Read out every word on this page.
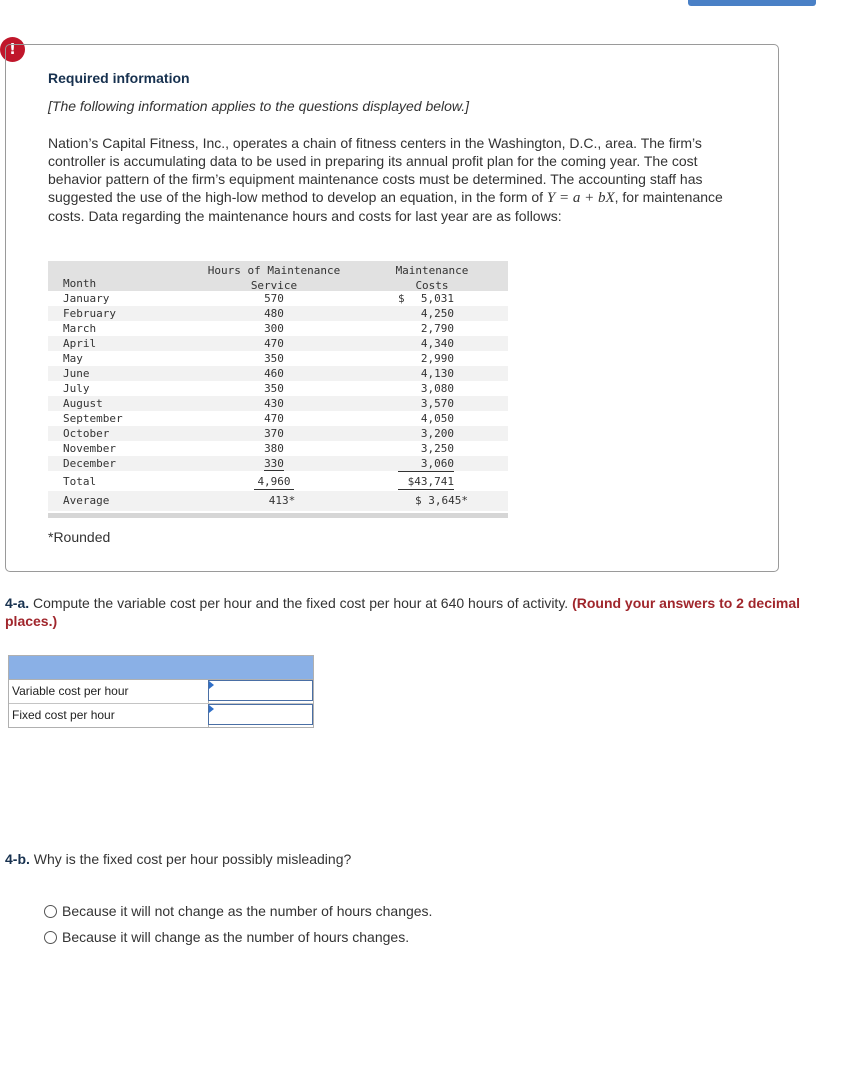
!
Required information
[The following information applies to the questions displayed below.]

Nation’s Capital Fitness, Inc., operates a chain of fitness centers in the Washington, D.C., area. The firm’s controller is accumulating data to be used in preparing its annual profit plan for the coming year. The cost behavior pattern of the firm’s equipment maintenance costs must be determined. The accounting staff has suggested the use of the high-low method to develop an equation, in the form of Y = a + bX, for maintenance costs. Data regarding the maintenance hours and costs for last year are as follows:

Month
Hours of Maintenance
Service
Maintenance
Costs
January	570	$ 5,031
February	480	4,250
March	300	2,790
April	470	4,340
May	350	2,990
June	460	4,130
July	350	3,080
August	430	3,570
September	470	4,050
October	370	3,200
November	380	3,250
December	330	3,060
Total	4,960	$43,741
Average	413*	$ 3,645*
*Rounded
4-a. Compute the variable cost per hour and the fixed cost per hour at 640 hours of activity. (Round your answers to 2 decimal places.)
Variable cost per hour
Fixed cost per hour
4-b. Why is the fixed cost per hour possibly misleading?
Because it will not change as the number of hours changes.
Because it will change as the number of hours changes.
